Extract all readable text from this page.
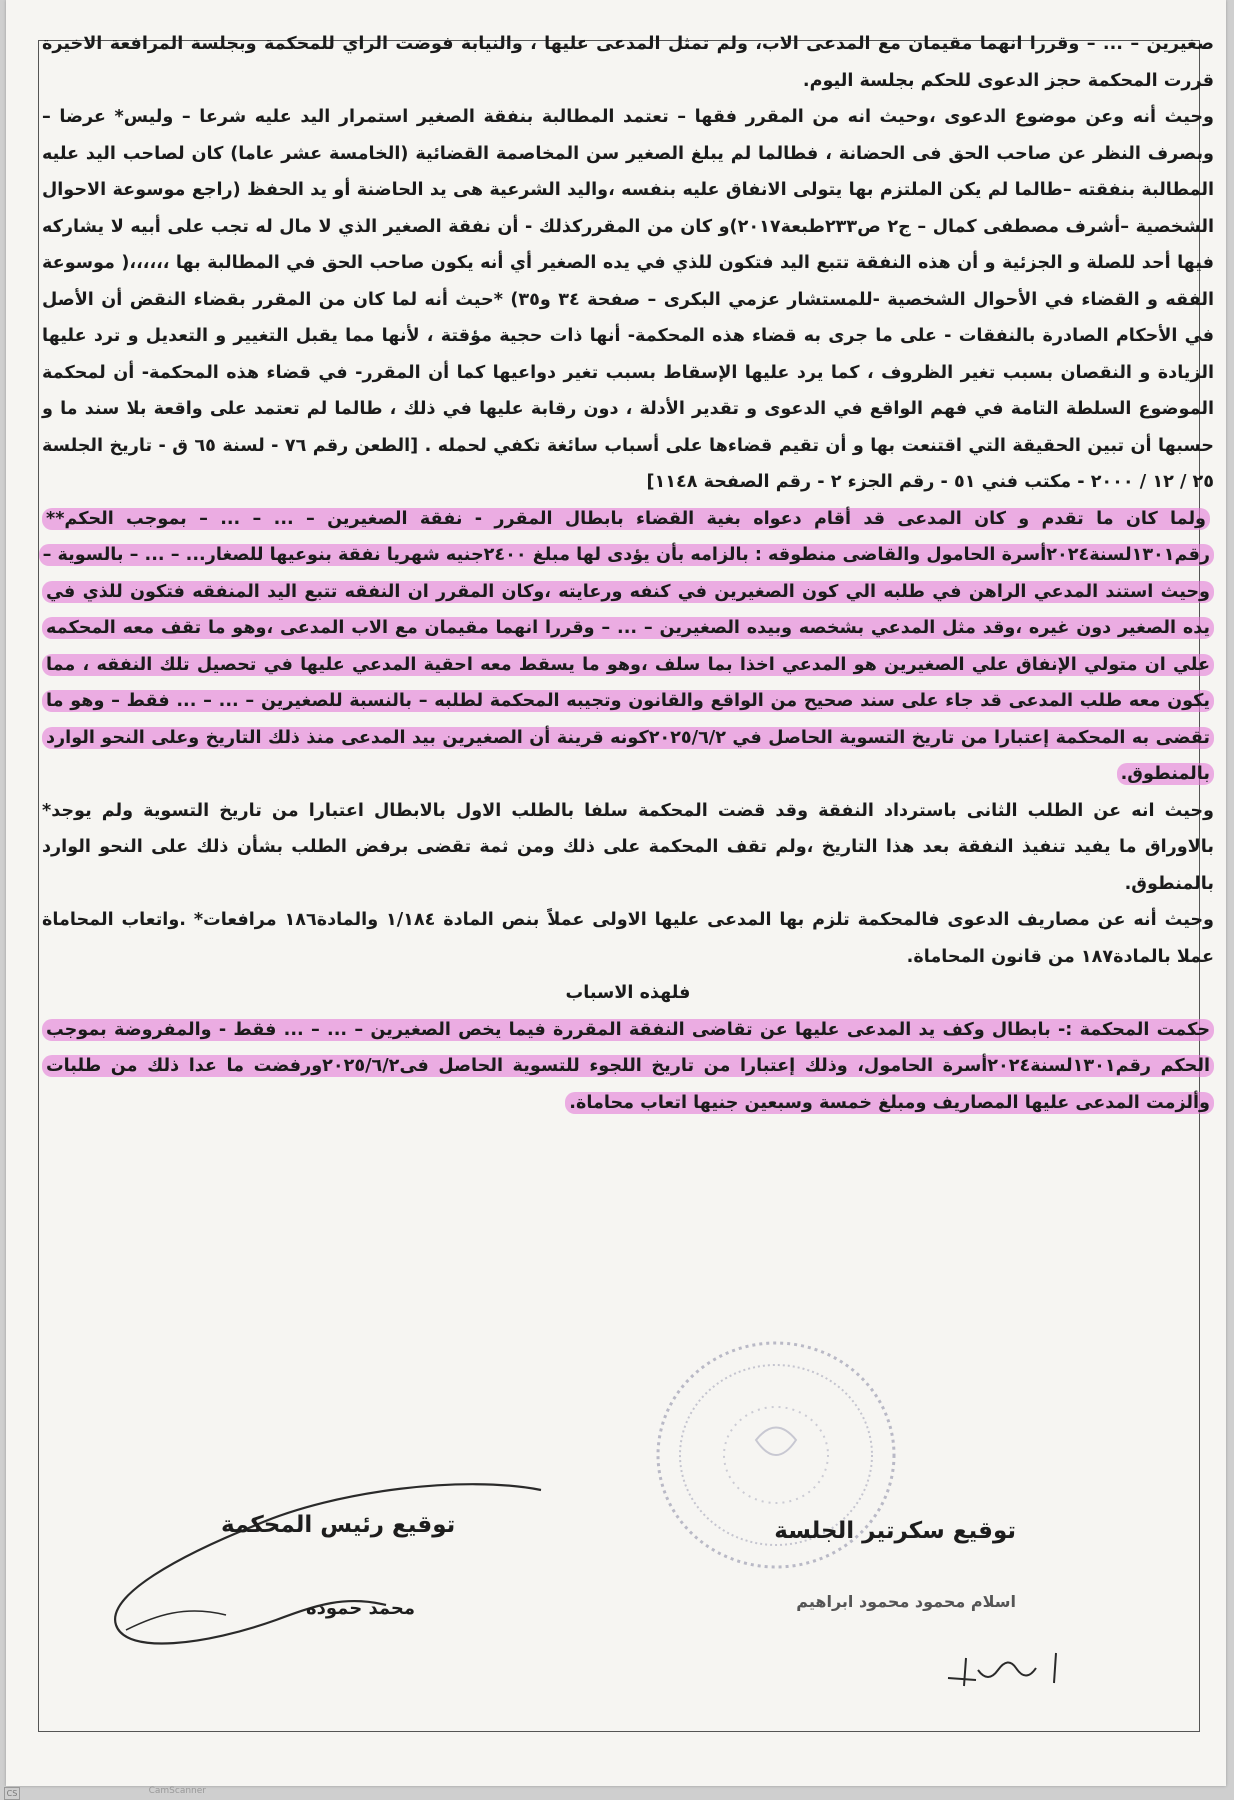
صغيرين – ... – وقررا انهما مقيمان مع المدعى الاب، ولم تمثل المدعى عليها ، والنيابة فوضت الراي للمحكمة وبجلسة المرافعة الاخيرة قررت المحكمة حجز الدعوى للحكم بجلسة اليوم.

وحيث أنه وعن موضوع الدعوى ،وحيث انه من المقرر فقها – تعتمد المطالبة بنفقة الصغير استمرار اليد عليه شرعا – وليس* عرضا –وبصرف النظر عن صاحب الحق فى الحضانة ، فطالما لم يبلغ الصغير سن المخاصمة القضائية (الخامسة عشر عاما) كان لصاحب اليد عليه المطالبة بنفقته –طالما لم يكن الملتزم بها يتولى الانفاق عليه بنفسه ،واليد الشرعية هى يد الحاضنة أو يد الحفظ (راجع موسوعة الاحوال الشخصية –أشرف مصطفى كمال – ج٢ ص٢٣٣طبعة٢٠١٧)و كان من المقرركذلك - أن نفقة الصغير الذي لا مال له تجب على أبيه لا يشاركه فيها أحد للصلة و الجزئية و أن هذه النفقة تتبع اليد فتكون للذي في يده الصغير أي أنه يكون صاحب الحق في المطالبة بها ،،،،،،( موسوعة الفقه و القضاء في الأحوال الشخصية -للمستشار عزمي البكرى – صفحة ٣٤ و٣٥) *حيث أنه لما كان من المقرر بقضاء النقض أن الأصل في الأحكام الصادرة بالنفقات - على ما جرى به قضاء هذه المحكمة- أنها ذات حجية مؤقتة ، لأنها مما يقبل التغيير و التعديل و ترد عليها الزيادة و النقصان بسبب تغير الظروف ، كما يرد عليها الإسقاط بسبب تغير دواعيها كما أن المقرر- في قضاء هذه المحكمة- أن لمحكمة الموضوع السلطة التامة في فهم الواقع في الدعوى و تقدير الأدلة ، دون رقابة عليها في ذلك ، طالما لم تعتمد على واقعة بلا سند ما و حسبها أن تبين الحقيقة التي اقتنعت بها و أن تقيم قضاءها على أسباب سائغة تكفي لحمله . [الطعن رقم ٧٦ - لسنة ٦٥ ق - تاريخ الجلسة ٢٥ / ١٢ / ٢٠٠٠ - مكتب فني ٥١ - رقم الجزء ٢ - رقم الصفحة ١١٤٨]

ولما كان ما تقدم و كان المدعى قد أقام دعواه بغية القضاء بابطال المقرر - نفقة الصغيرين – ... – ... – بموجب الحكم** رقم١٣٠١لسنة٢٠٢٤أسرة الحامول والقاضى منطوقه : بالزامه بأن يؤدى لها مبلغ ٢٤٠٠جنيه شهريا نفقة بنوعيها للصغار... – ... – بالسوية – وحيث استند المدعي الراهن في طلبه الي كون الصغيرين في كنفه ورعايته ،وكان المقرر ان النفقه تتبع اليد المنفقه فتكون للذي في يده الصغير دون غيره ،وقد مثل المدعي بشخصه وبيده الصغيرين – ... – وقررا انهما مقيمان مع الاب المدعى ،وهو ما تقف معه المحكمه علي ان متولي الإنفاق علي الصغيرين هو المدعي اخذا بما سلف ،وهو ما يسقط معه احقية المدعي عليها في تحصيل تلك النفقه ، مما يكون معه طلب المدعى قد جاء على سند صحيح من الواقع والقانون وتجيبه المحكمة لطلبه – بالنسبة للصغيرين – ... – ... فقط – وهو ما تقضى به المحكمة إعتبارا من تاريخ التسوية الحاصل في ٢٠٢٥/٦/٢كونه قرينة أن الصغيرين بيد المدعى منذ ذلك التاريخ وعلى النحو الوارد بالمنطوق.

وحيث انه عن الطلب الثانى باسترداد النفقة وقد قضت المحكمة سلفا بالطلب الاول بالابطال اعتبارا من تاريخ التسوية ولم يوجد* بالاوراق ما يفيد تنفيذ النفقة بعد هذا التاريخ ،ولم تقف المحكمة على ذلك ومن ثمة تقضى برفض الطلب بشأن ذلك على النحو الوارد بالمنطوق.

وحيث أنه عن مصاريف الدعوى فالمحكمة تلزم بها المدعى عليها الاولى عملاً بنص المادة ١/١٨٤ والمادة١٨٦ مرافعات* .واتعاب المحاماة عملا بالمادة١٨٧ من قانون المحاماة.

فلهذه الاسباب

حكمت المحكمة :- بابطال وكف يد المدعى عليها عن تقاضى النفقة المقررة فيما يخص الصغيرين – ... – ... فقط - والمفروضة بموجب الحكم رقم١٣٠١لسنة٢٠٢٤أسرة الحامول، وذلك إعتبارا من تاريخ اللجوء للتسوية الحاصل فى٢٠٢٥/٦/٢ورفضت ما عدا ذلك من طلبات وألزمت المدعى عليها المصاريف ومبلغ خمسة وسبعين جنيها اتعاب محاماة.

توقيع سكرتير الجلسة
اسلام محمود محمود ابراهيم
توقيع رئيس المحكمة
محمد حموده
CS	CamScanner
